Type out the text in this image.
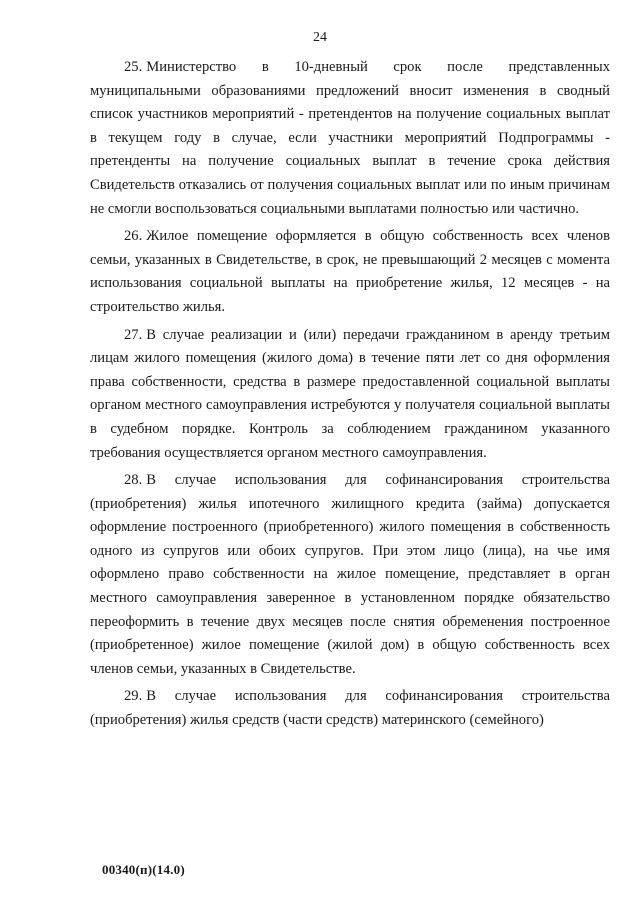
24

25. Министерство в 10-дневный срок после представленных муниципальными образованиями предложений вносит изменения в сводный список участников мероприятий - претендентов на получение социальных выплат в текущем году в случае, если участники мероприятий Подпрограммы - претенденты на получение социальных выплат в течение срока действия Свидетельств отказались от получения социальных выплат или по иным причинам не смогли воспользоваться социальными выплатами полностью или частично.

26. Жилое помещение оформляется в общую собственность всех членов семьи, указанных в Свидетельстве, в срок, не превышающий 2 месяцев с момента использования социальной выплаты на приобретение жилья, 12 месяцев - на строительство жилья.

27. В случае реализации и (или) передачи гражданином в аренду третьим лицам жилого помещения (жилого дома) в течение пяти лет со дня оформления права собственности, средства в размере предоставленной социальной выплаты органом местного самоуправления истребуются у получателя социальной выплаты в судебном порядке. Контроль за соблюдением гражданином указанного требования осуществляется органом местного самоуправления.

28. В случае использования для софинансирования строительства (приобретения) жилья ипотечного жилищного кредита (займа) допускается оформление построенного (приобретенного) жилого помещения в собственность одного из супругов или обоих супругов. При этом лицо (лица), на чье имя оформлено право собственности на жилое помещение, представляет в орган местного самоуправления заверенное в установленном порядке обязательство переоформить в течение двух месяцев после снятия обременения построенное (приобретенное) жилое помещение (жилой дом) в общую собственность всех членов семьи, указанных в Свидетельстве.

29. В случае использования для софинансирования строительства (приобретения) жилья средств (части средств) материнского (семейного)

00340(п)(14.0)
